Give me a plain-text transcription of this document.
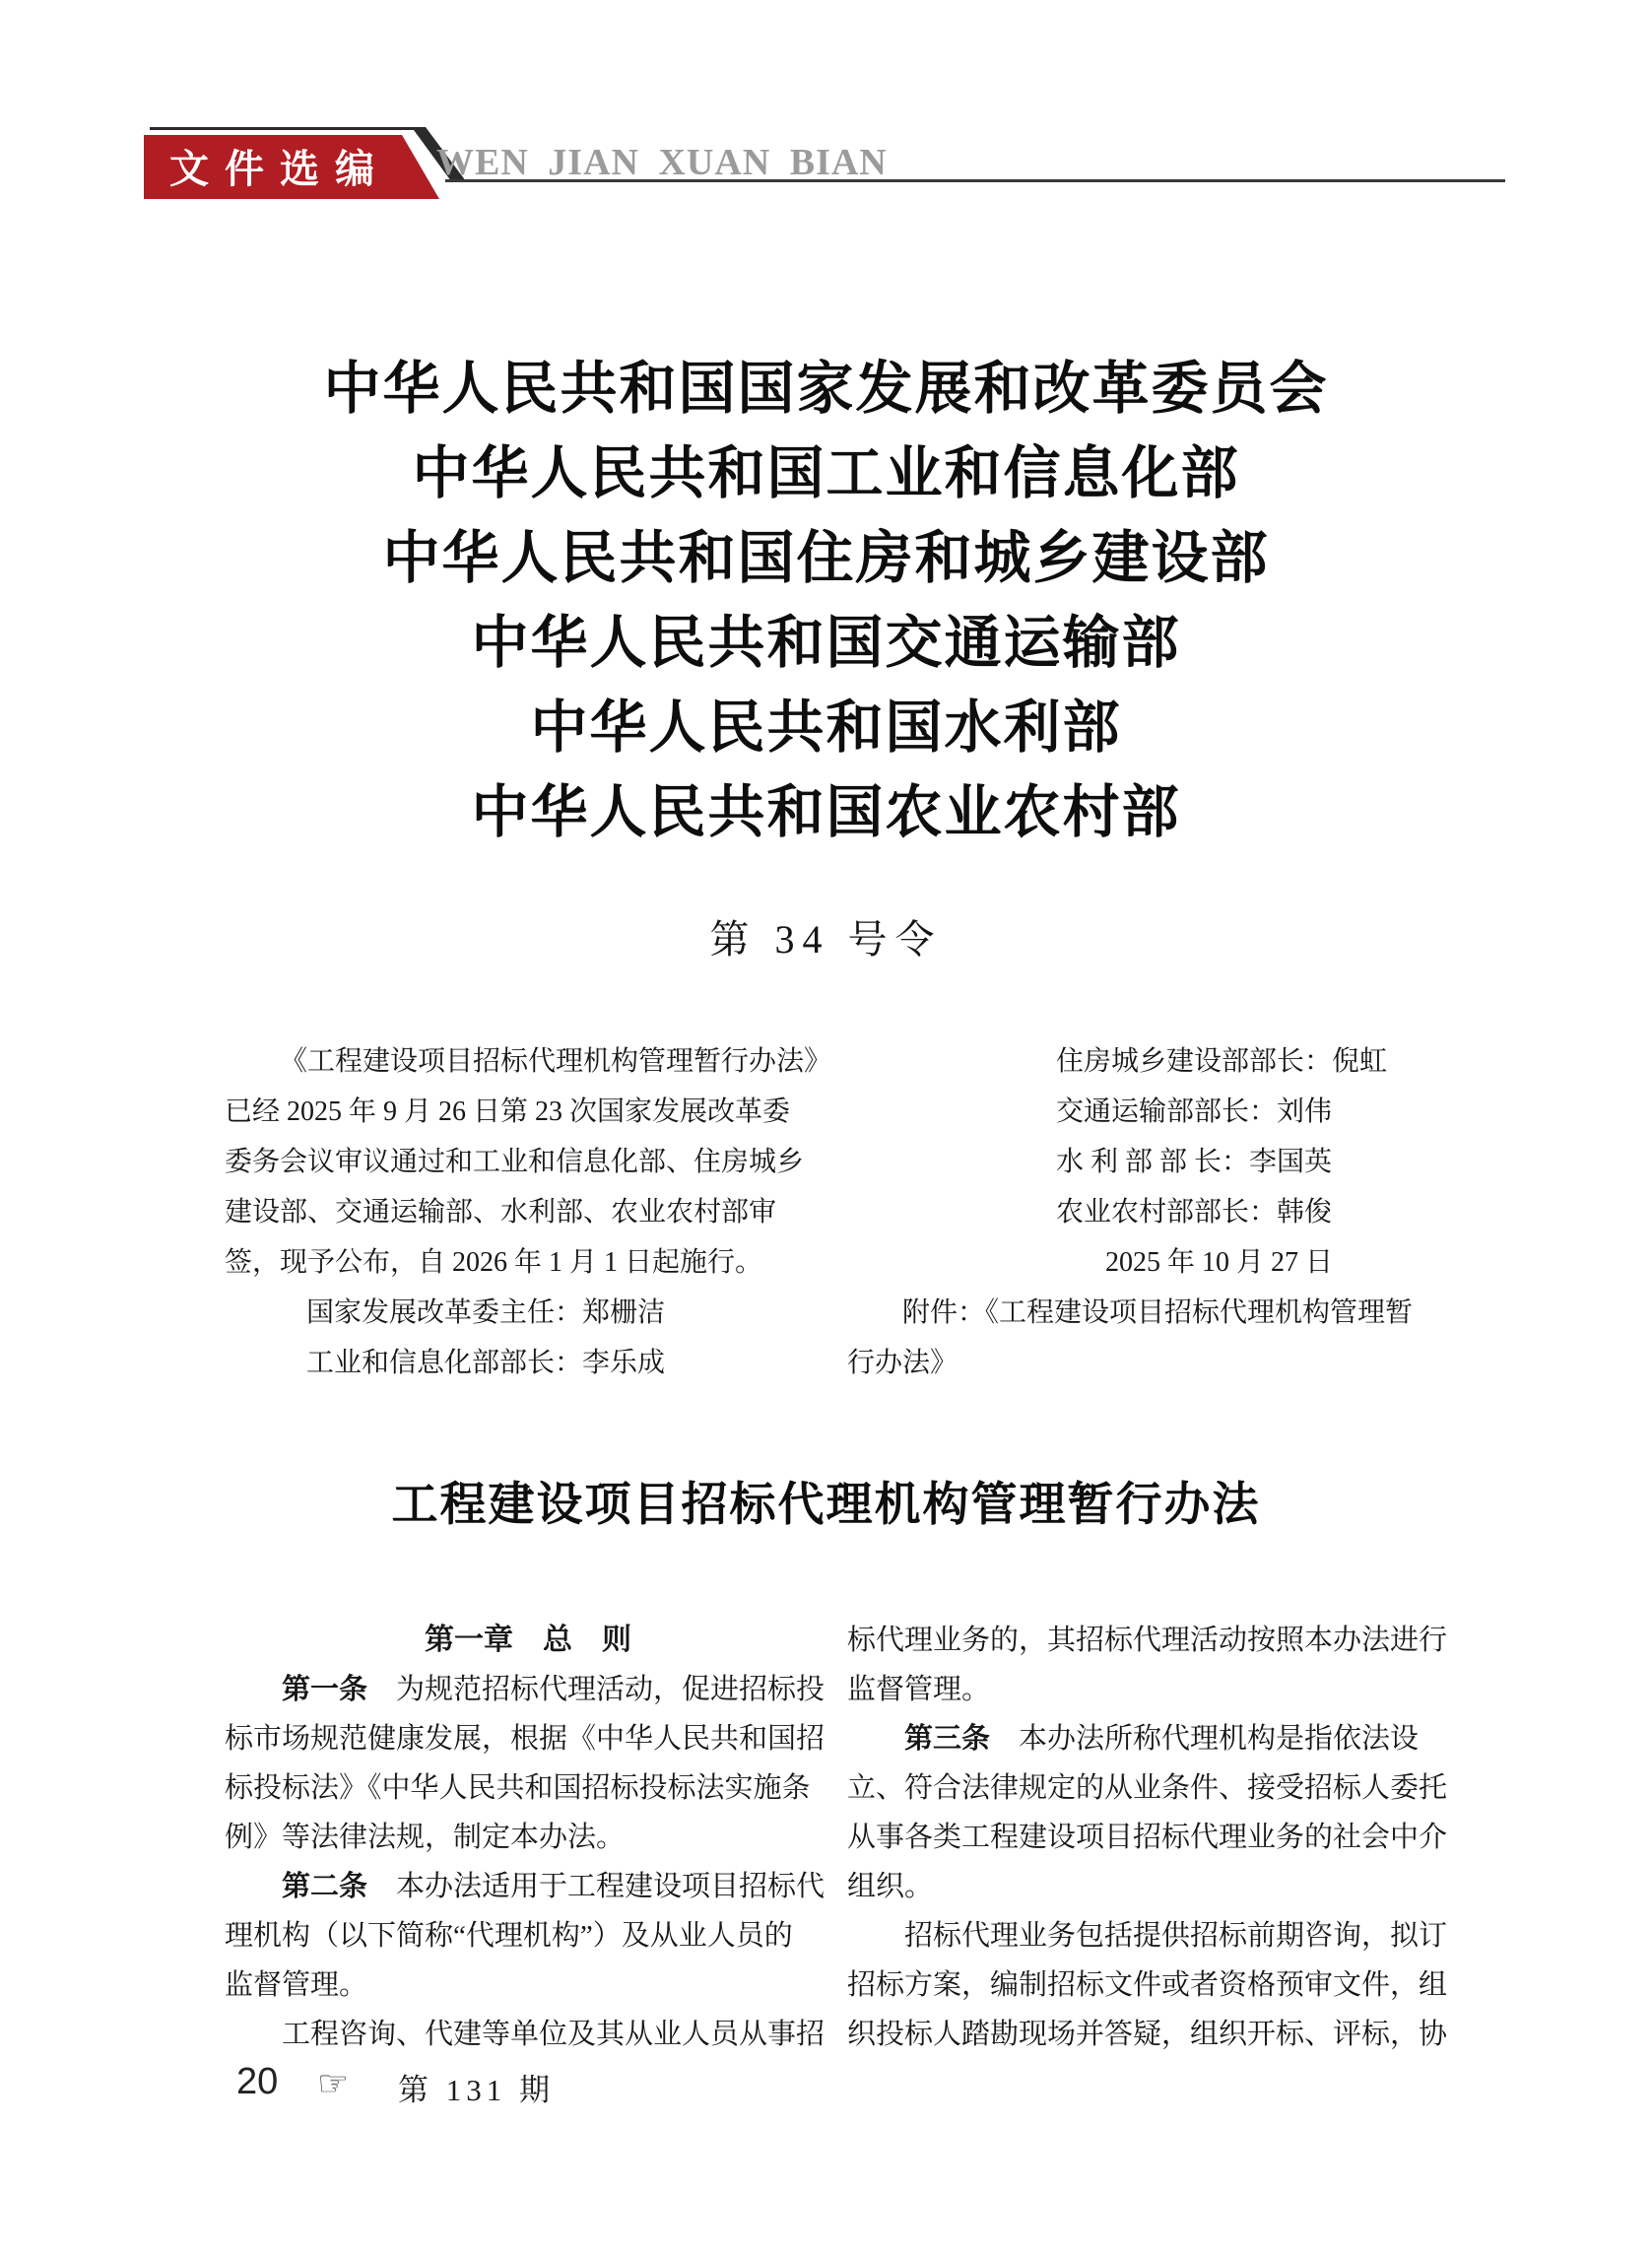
文件选编 WEN JIAN XUAN BIAN
中华人民共和国国家发展和改革委员会
中华人民共和国工业和信息化部
中华人民共和国住房和城乡建设部
中华人民共和国交通运输部
中华人民共和国水利部
中华人民共和国农业农村部
第 34 号令
《工程建设项目招标代理机构管理暂行办法》
已经 2025 年 9 月 26 日第 23 次国家发展改革委
委务会议审议通过和工业和信息化部、住房城乡
建设部、交通运输部、水利部、农业农村部审
签，现予公布，自 2026 年 1 月 1 日起施行。
国家发展改革委主任：郑栅洁
工业和信息化部部长：李乐成
住房城乡建设部部长：倪虹
交通运输部部长：刘伟
水 利 部 部 长：李国英
农业农村部部长：韩俊
2025 年 10 月 27 日
附件：《工程建设项目招标代理机构管理暂
行办法》
工程建设项目招标代理机构管理暂行办法
第一章　总　则
第一条　为规范招标代理活动，促进招标投
标市场规范健康发展，根据《中华人民共和国招
标投标法》《中华人民共和国招标投标法实施条
例》等法律法规，制定本办法。
第二条　本办法适用于工程建设项目招标代
理机构（以下简称“代理机构”）及从业人员的
监督管理。
工程咨询、代建等单位及其从业人员从事招
标代理业务的，其招标代理活动按照本办法进行
监督管理。
第三条　本办法所称代理机构是指依法设
立、符合法律规定的从业条件、接受招标人委托
从事各类工程建设项目招标代理业务的社会中介
组织。
招标代理业务包括提供招标前期咨询，拟订
招标方案，编制招标文件或者资格预审文件，组
织投标人踏勘现场并答疑，组织开标、评标，协
20 ☞ 第 131 期
